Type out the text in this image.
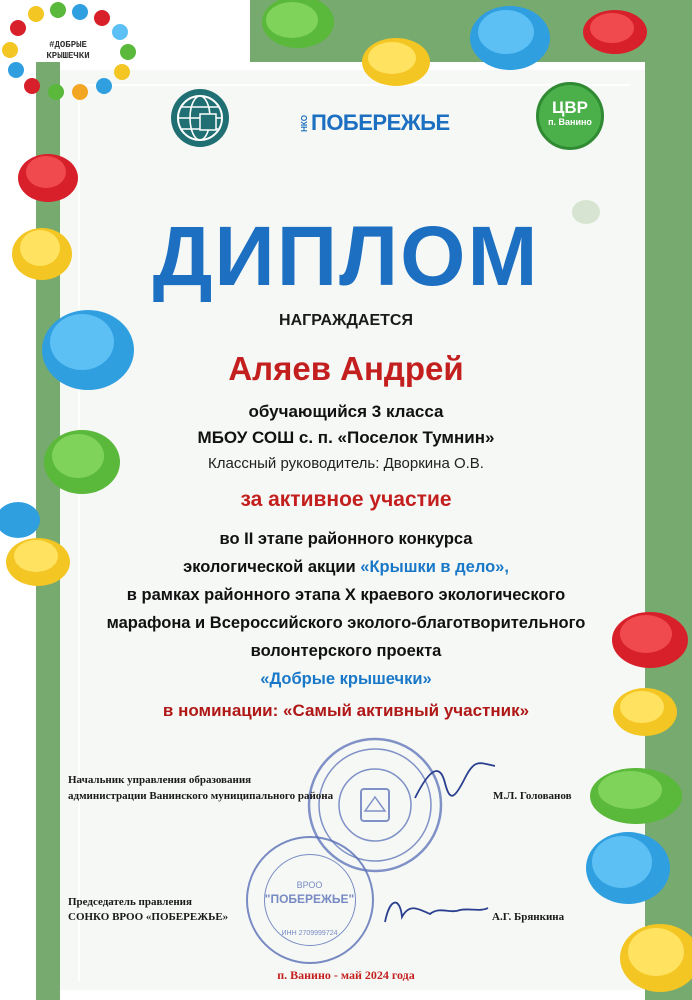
#ДОБРЫЕ
КРЫШЕЧКИ
НКО ПОБЕРЕЖЬЕ
ЦВР
п. Ванино
ДИПЛОМ
НАГРАЖДАЕТСЯ
Аляев Андрей
обучающийся 3 класса
МБОУ СОШ с. п. «Поселок Тумнин»
Классный руководитель: Дворкина О.В.
за активное участие
во II этапе районного конкурса
экологической акции «Крышки в дело»,
в рамках районного этапа Х краевого экологического
марафона и Всероссийского эколого-благотворительного
волонтерского проекта
«Добрые крышечки»
в номинации: «Самый активный участник»
ВРОО
"ПОБЕРЕЖЬЕ"
ИНН 2709999724
Начальник управления образования
администрации Ванинского муниципального района	М.Л. Голованов
Председатель правления
СОНКО ВРОО «ПОБЕРЕЖЬЕ»	А.Г. Брянкина
п. Ванино - май 2024 года
